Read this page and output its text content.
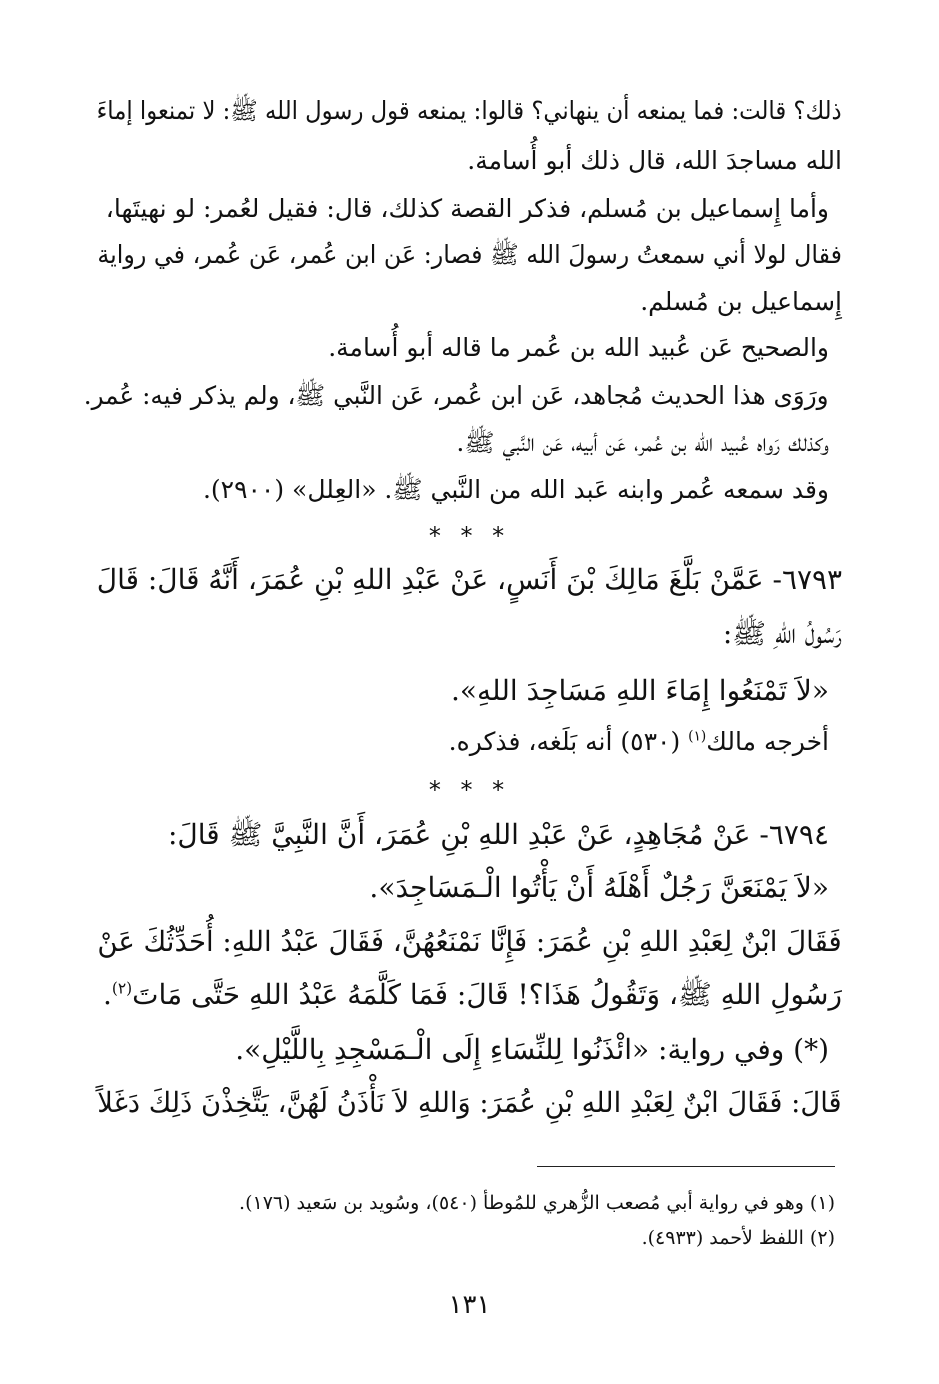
ذلك؟ قالت: فما يمنعه أن ينهاني؟ قالوا: يمنعه قول رسول الله ﷺ: لا تمنعوا إماءَ
الله مساجدَ الله، قال ذلك أبو أُسامة.
وأما إِسماعيل بن مُسلم، فذكر القصة كذلك، قال: فقيل لعُمر: لو نهيتَها،
فقال لولا أني سمعتُ رسولَ الله ﷺ فصار: عَن ابن عُمر، عَن عُمر، في رواية
إِسماعيل بن مُسلم.
والصحيح عَن عُبيد الله بن عُمر ما قاله أبو أُسامة.
ورَوَى هذا الحديث مُجاهد، عَن ابن عُمر، عَن النَّبي ﷺ، ولم يذكر فيه: عُمر.
وكذلك رَواه عُبيد الله بن عُمر، عَن أبيه، عَن النَّبي ﷺ.
وقد سمعه عُمر وابنه عَبد الله من النَّبي ﷺ. «العِلل» (٢٩٠٠).
* * *
٦٧٩٣- عَمَّنْ بَلَّغَ مَالِكَ بْنَ أَنَسٍ، عَنْ عَبْدِ اللهِ بْنِ عُمَرَ، أَنَّهُ قَالَ: قَالَ
رَسُولُ اللهِ ﷺ:
«لاَ تَمْنَعُوا إِمَاءَ اللهِ مَسَاجِدَ اللهِ».
أخرجه مالك$^{(١)}$ (٥٣٠) أنه بَلَغه، فذكره.
* * *
٦٧٩٤- عَنْ مُجَاهِدٍ، عَنْ عَبْدِ اللهِ بْنِ عُمَرَ، أَنَّ النَّبِيَّ ﷺ قَالَ:
«لاَ يَمْنَعَنَّ رَجُلٌ أَهْلَهُ أَنْ يَأْتُوا الْـمَسَاجِدَ».
فَقَالَ ابْنٌ لِعَبْدِ اللهِ بْنِ عُمَرَ: فَإِنَّا نَمْنَعُهُنَّ، فَقَالَ عَبْدُ اللهِ: أُحَدِّثُكَ عَنْ
رَسُولِ اللهِ ﷺ، وَتَقُولُ هَذَا؟! قَالَ: فَمَا كَلَّمَهُ عَبْدُ اللهِ حَتَّى مَاتَ$^{(٢)}$.
(*) وفي رواية: «ائْذَنُوا لِلنِّسَاءِ إِلَى الْـمَسْجِدِ بِاللَّيْلِ».
قَالَ: فَقَالَ ابْنٌ لِعَبْدِ اللهِ بْنِ عُمَرَ: وَاللهِ لاَ نَأْذَنُ لَهُنَّ، يَتَّخِذْنَ ذَلِكَ دَغَلاً
(١) وهو في رواية أبي مُصعب الزُّهري للمُوطأ (٥٤٠)، وسُويد بن سَعيد (١٧٦).
(٢) اللفظ لأحمد (٤٩٣٣).
١٣١
